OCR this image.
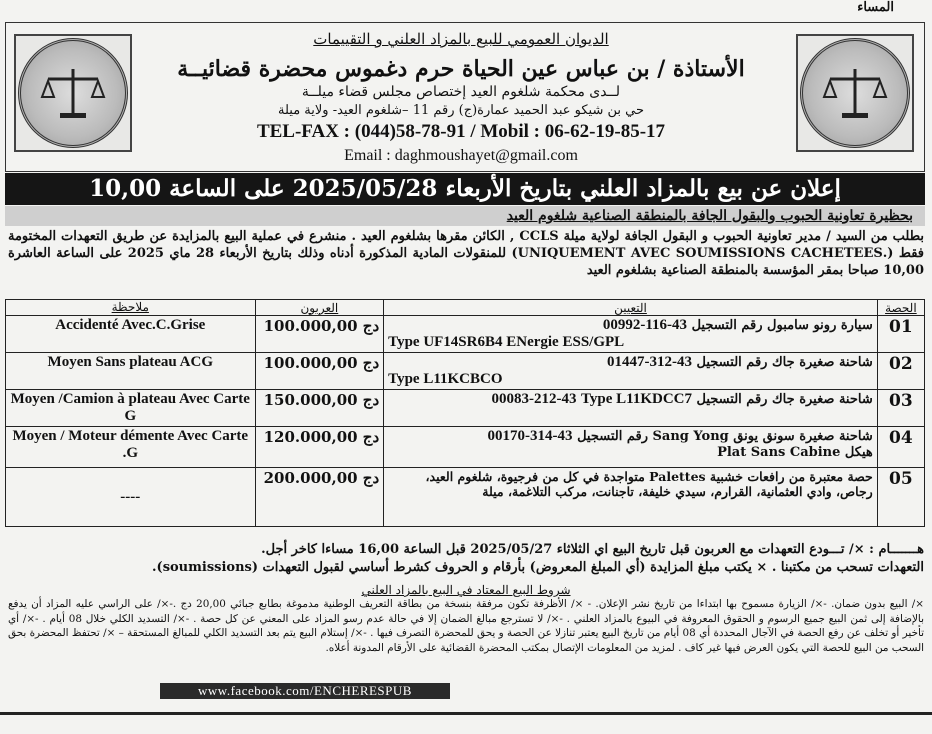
المساء
الديوان العمومي للبيع بالمزاد العلني و التقييمات
الأستاذة / بن عباس عين الحياة حرم دغموس محضرة قضائيــة
لــدى محكمة شلغوم العيد إختصاص مجلس قضاء ميلــة
حي بن شيكو عبد الحميد عمارة(ج) رقم 11 –شلغوم العيد- ولاية ميلة
TEL-FAX : (044)58-78-91 / Mobil : 06-62-19-85-17
Email : daghmoushayet@gmail.com
إعلان عن بيع بالمزاد العلني بتاريخ الأربعاء 2025/05/28 على الساعة 10,00
بحظيرة تعاونية الحبوب والبقول الجافة بالمنطقة الصناعية شلغوم العيد
بطلب من السيد / مدير تعاونية الحبوب و البقول الجافة لولاية ميلة CCLS , الكائن مقرها بشلغوم العيد . منشرع في عملية البيع بالمزايدة عن طريق التعهدات المختومة فقط (.UNIQUEMENT AVEC SOUMISSIONS CACHETEES) للمنقولات المادية المذكورة أدناه وذلك بتاريخ الأربعاء 28 ماي 2025 على الساعة العاشرة 10,00 صباحا بمقر المؤسسة بالمنطقة الصناعية بشلغوم العيد
الحصة	التعيين	العربون	ملاحظة
01	سيارة رونو سامبول رقم التسجيل 00992-116-43
Type UF14SR6B4 ENergie ESS/GPL	100.000,00 دج	Accidenté Avec.C.Grise
02	شاحنة صغيرة جاك رقم التسجيل 01447-312-43
Type L11KCBCO	100.000,00 دج	Moyen Sans plateau ACG
03	شاحنة صغيرة جاك رقم التسجيل 00083-212-43 Type L11KDCC7	150.000,00 دج	Moyen /Camion à plateau Avec Carte G
04	شاحنة صغيرة سونق يونق Sang Yong رقم التسجيل 00170-314-43
هيكل Plat Sans Cabine	120.000,00 دج	Moyen / Moteur démente Avec Carte .G
05	حصة معتبرة من رافعات خشبية Palettes متواجدة في كل من فرجيوة، شلغوم العيد، رجاص، وادي العثمانية، القرارم، سيدي خليفة، تاجنانت، مركب التلاغمة، ميلة	200.000,00 دج	----
هـــــــام : ×/ تـــودع التعهدات مع العربون قبل تاريخ البيع اي الثلاثاء 2025/05/27 قبل الساعة 16,00 مساءا كاخر أجل.
التعهدات تسحب من مكتبنا . × يكتب مبلغ المزايدة (أي المبلغ المعروض) بأرقام و الحروف كشرط أساسي لقبول التعهدات (soumissions).
شروط البيع المعتاد في البيع بالمزاد العلني
×/ البيع بدون ضمان. -×/ الزيارة مسموح بها ابتداءا من تاريخ نشر الإعلان. - ×/ الأظرفة تكون مرفقة بنسخة من بطاقة التعريف الوطنية مدموغة بطابع جبائي 20,00 دج .-×/ على الراسي عليه المزاد أن يدفع بالإضافة إلى ثمن البيع جميع الرسوم و الحقوق المعروفة في البيوع بالمزاد العلني . -×/ لا تسترجع مبالغ الضمان إلا في حالة عدم رسو المزاد على المعني عن كل حصة . -×/ التسديد الكلي خلال 08 أيام . -×/ أي تأخير أو تخلف عن رفع الحصة في الآجال المحددة أي 08 أيام من تاريخ البيع يعتبر تنازلا عن الحصة و يحق للمحضرة التصرف فيها . -×/ إستلام البيع يتم بعد التسديد الكلي للمبالغ المستحقة – ×/ تحتفظ المحضرة بحق السحب من البيع للحصة التي يكون العرض فيها غير كاف . لمزيد من المعلومات الإتصال بمكتب المحضرة القضائية على الأرقام المدونة أعلاه.
www.facebook.com/ENCHERESPUB
